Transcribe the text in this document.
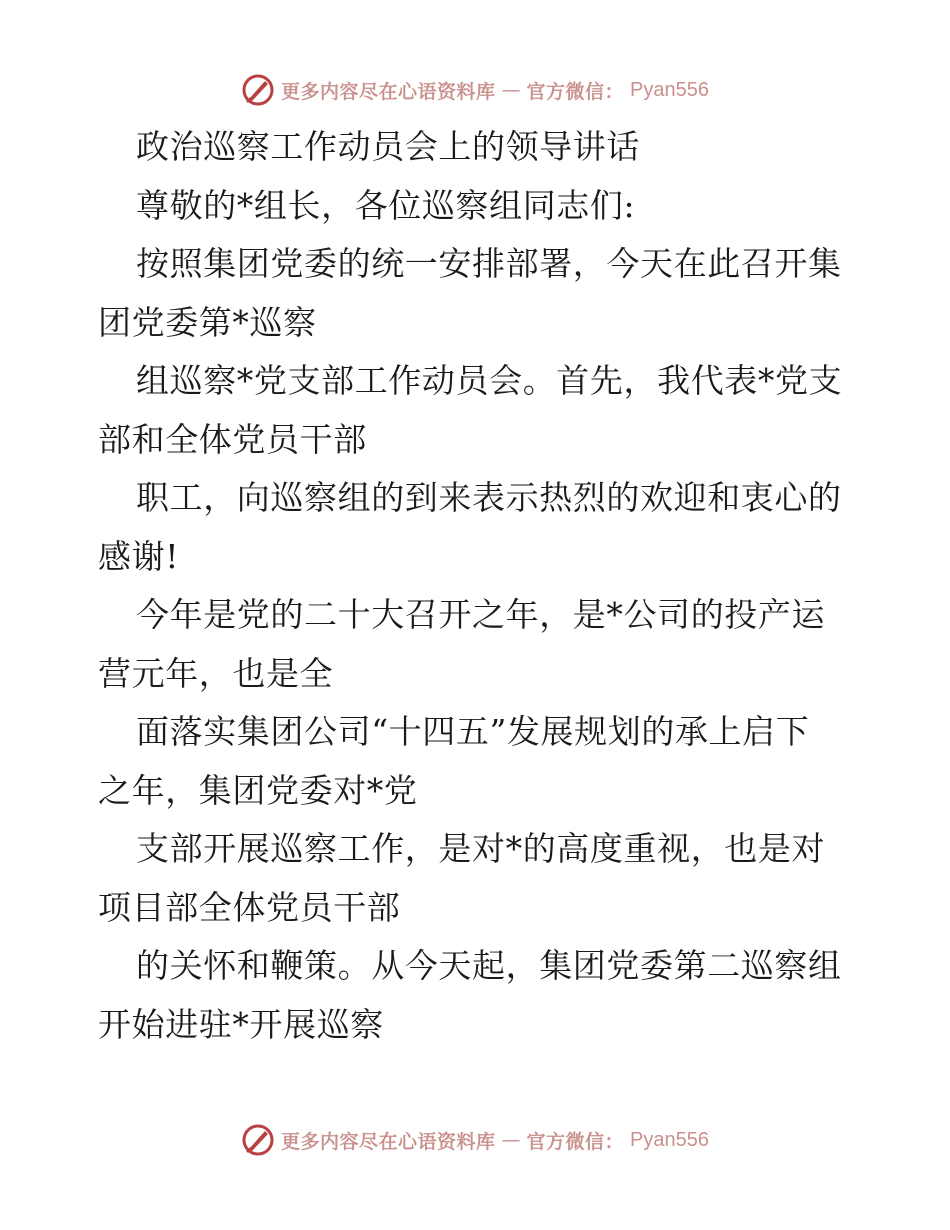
更多内容尽在心语资料库 — 官方微信： Pyan556
政治巡察工作动员会上的领导讲话
尊敬的*组长，各位巡察组同志们:
按照集团党委的统一安排部署，今天在此召开集
团党委第*巡察
组巡察*党支部工作动员会。首先，我代表*党支
部和全体党员干部
职工，向巡察组的到来表示热烈的欢迎和衷心的
感谢!
今年是党的二十大召开之年，是*公司的投产运
营元年，也是全
面落实集团公司“十四五”发展规划的承上启下
之年，集团党委对*党
支部开展巡察工作，是对*的高度重视，也是对
项目部全体党员干部
的关怀和鞭策。从今天起，集团党委第二巡察组
开始进驻*开展巡察
更多内容尽在心语资料库 — 官方微信： Pyan556
